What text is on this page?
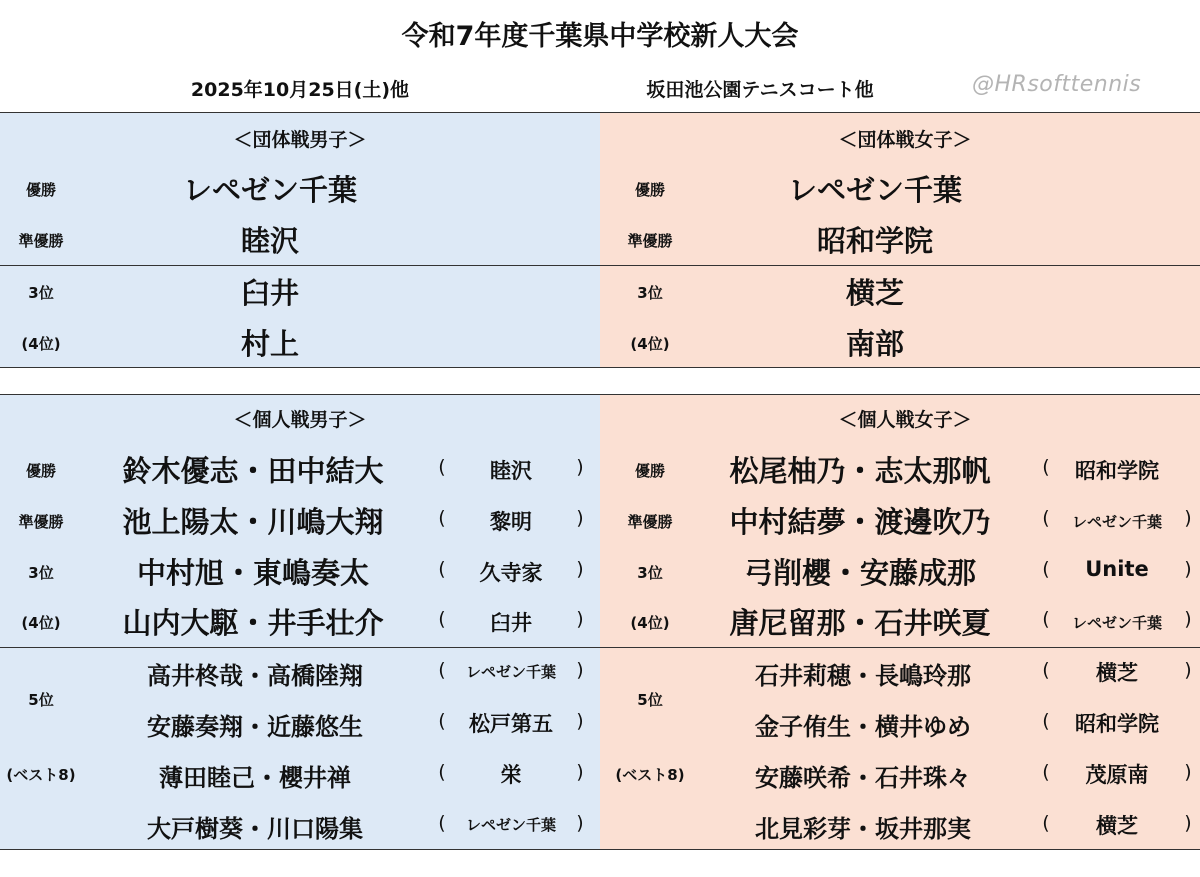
令和7年度千葉県中学校新人大会
2025年10月25日(土)他	坂田池公園テニスコート他	@HRsofttennis
＜団体戦男子＞
優勝	レペゼン千葉
準優勝	睦沢
3位	臼井
(4位)	村上
＜団体戦女子＞
優勝	レペゼン千葉
準優勝	昭和学院
3位	横芝
(4位)	南部
＜個人戦男子＞
優勝	鈴木優志・田中結大	(	睦沢	)
準優勝	池上陽太・川嶋大翔	(	黎明	)
3位	中村旭・東嶋奏太	(	久寺家	)
(4位)	山内大駆・井手壮介	(	臼井	)
5位
(ベスト8)
高井柊哉・高橋陸翔	(	レペゼン千葉	)
安藤奏翔・近藤悠生	(	松戸第五	)
薄田睦己・櫻井禅	(	栄	)
大戸樹葵・川口陽集	(	レペゼン千葉	)
＜個人戦女子＞
優勝	松尾柚乃・志太那帆	(	昭和学院
準優勝	中村結夢・渡邊吹乃	(	レペゼン千葉	)
3位	弓削櫻・安藤成那	(	Unite	)
(4位)	唐尼留那・石井咲夏	(	レペゼン千葉	)
5位
(ベスト8)
石井莉穂・長嶋玲那	(	横芝	)
金子侑生・横井ゆめ	(	昭和学院
安藤咲希・石井珠々	(	茂原南	)
北見彩芽・坂井那実	(	横芝	)
